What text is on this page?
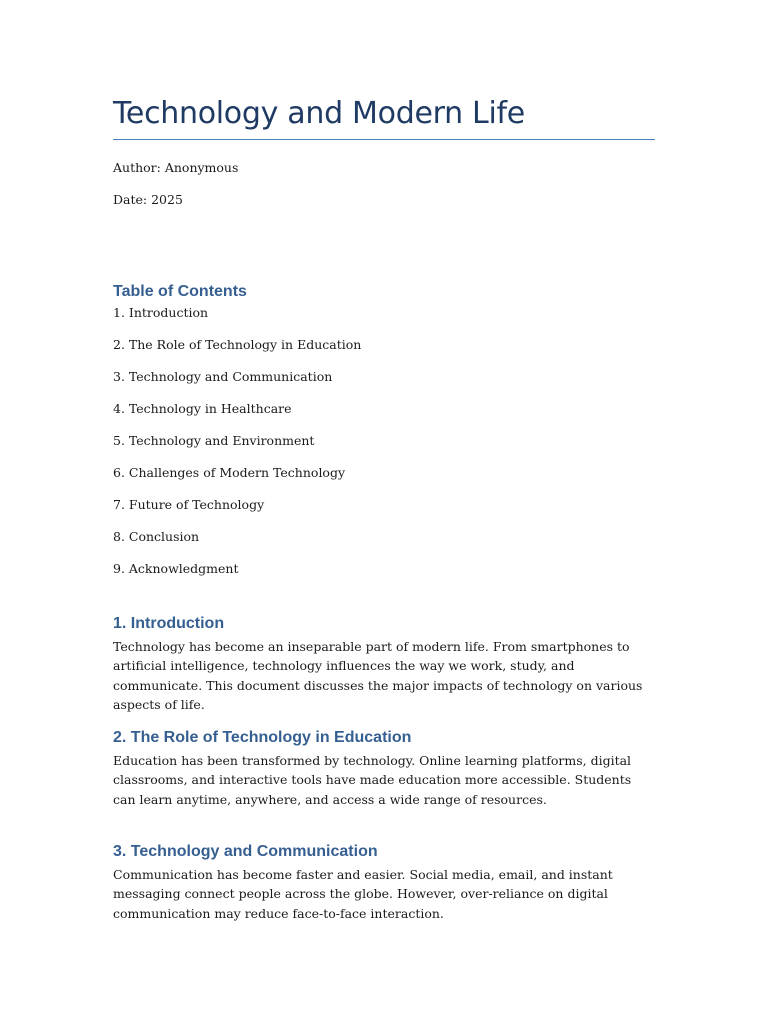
Technology and Modern Life

Author: Anonymous

Date: 2025

Table of Contents
1. Introduction
2. The Role of Technology in Education
3. Technology and Communication
4. Technology in Healthcare
5. Technology and Environment
6. Challenges of Modern Technology
7. Future of Technology
8. Conclusion
9. Acknowledgment
1. Introduction

Technology has become an inseparable part of modern life. From smartphones to artificial intelligence, technology influences the way we work, study, and communicate. This document discusses the major impacts of technology on various aspects of life.

2. The Role of Technology in Education

Education has been transformed by technology. Online learning platforms, digital classrooms, and interactive tools have made education more accessible. Students can learn anytime, anywhere, and access a wide range of resources.

3. Technology and Communication

Communication has become faster and easier. Social media, email, and instant messaging connect people across the globe. However, over-reliance on digital communication may reduce face-to-face interaction.
